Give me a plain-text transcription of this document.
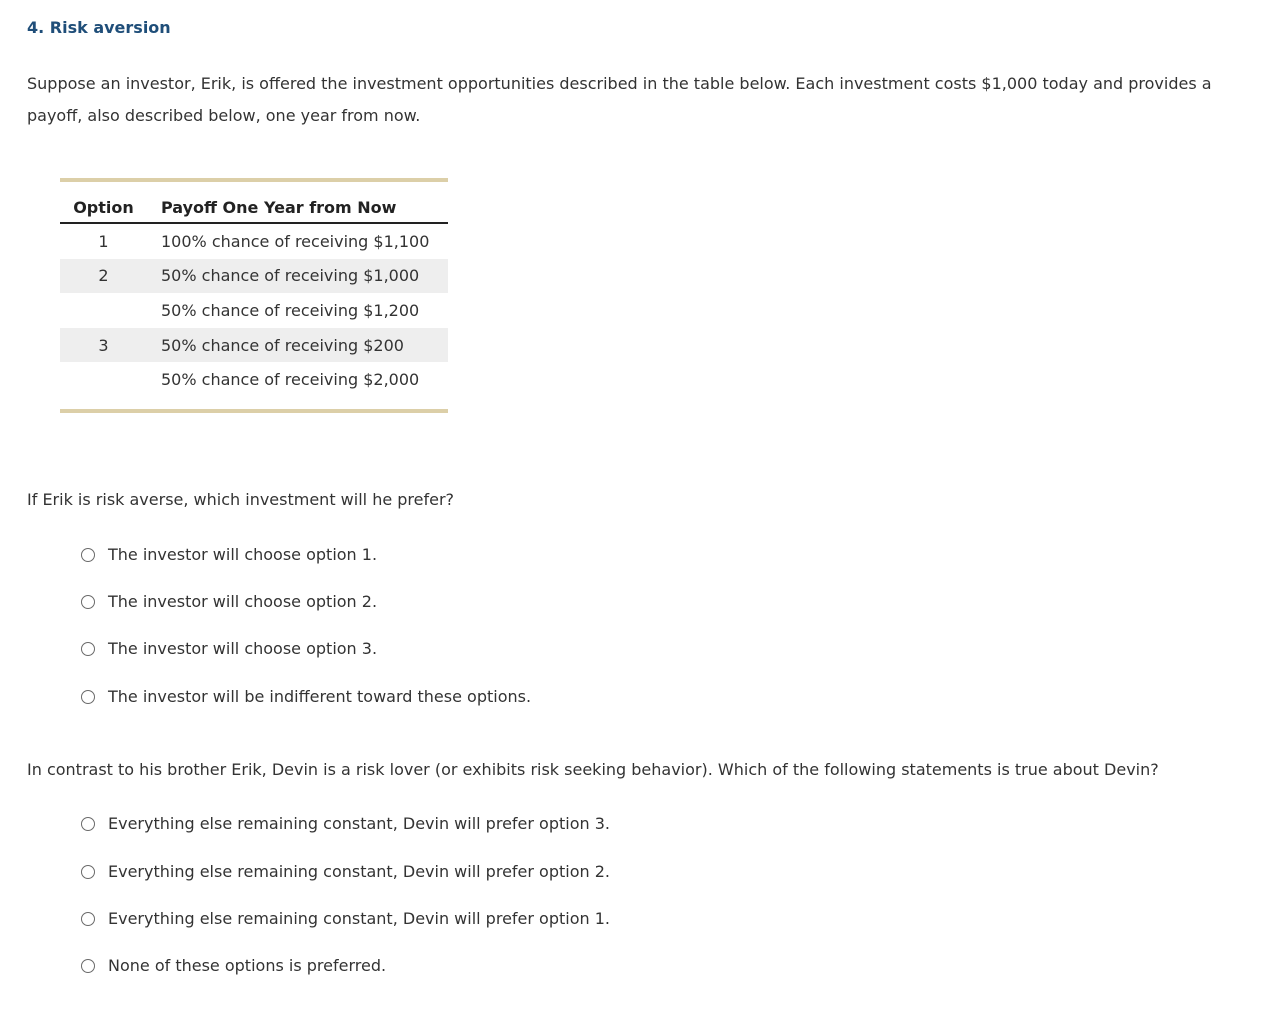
4. Risk aversion

Suppose an investor, Erik, is offered the investment opportunities described in the table below. Each investment costs $1,000 today and provides a payoff, also described below, one year from now.

Option	Payoff One Year from Now
1	100% chance of receiving $1,100
2	50% chance of receiving $1,000
	50% chance of receiving $1,200
3	50% chance of receiving $200
	50% chance of receiving $2,000

If Erik is risk averse, which investment will he prefer?

The investor will choose option 1.
The investor will choose option 2.
The investor will choose option 3.
The investor will be indifferent toward these options.

In contrast to his brother Erik, Devin is a risk lover (or exhibits risk seeking behavior). Which of the following statements is true about Devin?

Everything else remaining constant, Devin will prefer option 3.
Everything else remaining constant, Devin will prefer option 2.
Everything else remaining constant, Devin will prefer option 1.
None of these options is preferred.
